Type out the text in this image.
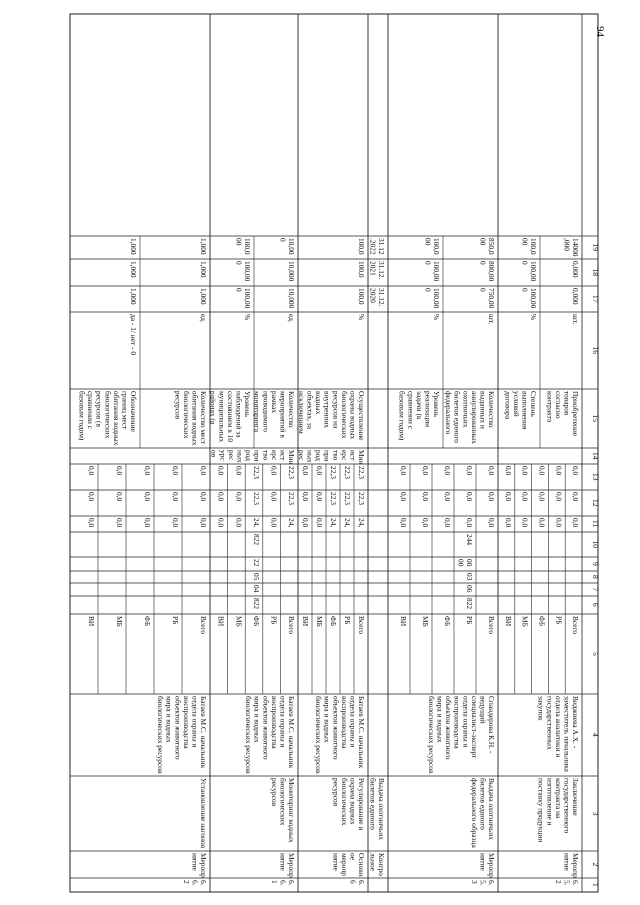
94
1
2
3
4
5
6
7
8
9
10
11
12
13
14
15
16
17
18
19
6.
5.
2
Меропр
иятие
Заключение
государственного
контракта на
изготовление и
поставку продукции
Виджиева А.Х. -
заместитель начальника
отдела аналитики и
государственных
закупок
Всего
0,0
0,0
0,0
РБ
0,0
0,0
0,0
ФБ
0,0
0,0
0,0
МБ
0,0
0,0
0,0
ВИ
0,0
0,0
0,0
Приобретение
товаров
согласно
контракта
шт.
0,000
0,000
14000
,000
Степень
выполнения
условий
договора
%
100,00
0
100,00
0
100,0
00
6.
5.
3
Меропр
иятие
Выдача охотничьих
билетов единого
федерального образца
Спандерова К.Н. -
ведущий
специалист-эксперт
отдела охраны и
воспроизводства
объектов животного
мира и водных
биологических ресурсов
Всего
0,0
0,0
0,0
РБ
822
06
03
00
00
244
0,0
0,0
0,0
ФБ
0,0
0,0
0,0
МБ
0,0
0,0
0,0
ВИ
0,0
0,0
0,0
Количество
выданных и
аннулированных
охотничьих
билетов единого
федерального
шт.
750,00
0
800,00
0
850,0
00
Уровень
реализации
задачи (в
сравнении с
базовым годом)
%
100,00
0
100,00
0
100,0
00
Контро
льное
Выдача охотничьих
билетов единого
31.12.
2020
31.12.
2021
31.12
.2022
6.
6
Основн
ое
меропр
иятие
Регулирование и
охрана водных
биологических
ресурсов
Батаев М.С. начальник
отдела охраны и
воспроизводства
объектов животного
мира и водных
биологических ресурсов
Всего
24,
22,3
22,3
РБ
24,
22,3
22,3
ФБ
24,
22,3
22,3
МБ
0,0
0,0
0,0
ВИ
0,0
0,0
0,0
Мин
ист
ерс
тво
при
род
ных
рес
Осуществление
охраны водных
биологических
ресурсов на
внутренних
водных
объектах, за
исключением
%
100,0
100,0
100,0
6.
6.
1
Меропр
иятие
Мониторинг водных
биологических
ресурсов
Батаев М.С. начальник
отдела охраны и
воспроизводства
объектов животного
мира и водных
биологических ресурсов
Всего
24,
22,3
22,3
РБ
0,0
0,0
0,0
ФБ
822
04
05
22
822
24,
22,3
22,3
МБ
0,0
0,0
0,0
ВИ
0,0
0,0
0,0
Мин
ист
ерс
тво
при
род
ных
рес
урс
ов
Количество
мероприятий в
рамках
проводимого
мониторинга
ед.
10,000
10,000
10,00
0
Уровень
наблюдений за
состоянием в 10
муниципальных
районах (в
%
100,00
0
100,00
0
100,0
00
6.
6.
2
Меропр
иятие
Установление нагонов
Батаев М.С. начальник
отдела охраны и
воспроизводства
объектов животного
мира и водных
биологических ресурсов
Всего
0,0
0,0
0,0
РБ
0,0
0,0
0,0
ФБ
0,0
0,0
0,0
МБ
0,0
0,0
0,0
ВИ
0,0
0,0
0,0
Количество мест
обитания водных
биологических
ресурсов
ед.
1,000
1,000
1,000
Обозначение
границ мест
обитания водных
биологических
ресурсов (в
сравнении с
базовым годом)
да - 1/ нет - 0
1,000
1,000
1,000
